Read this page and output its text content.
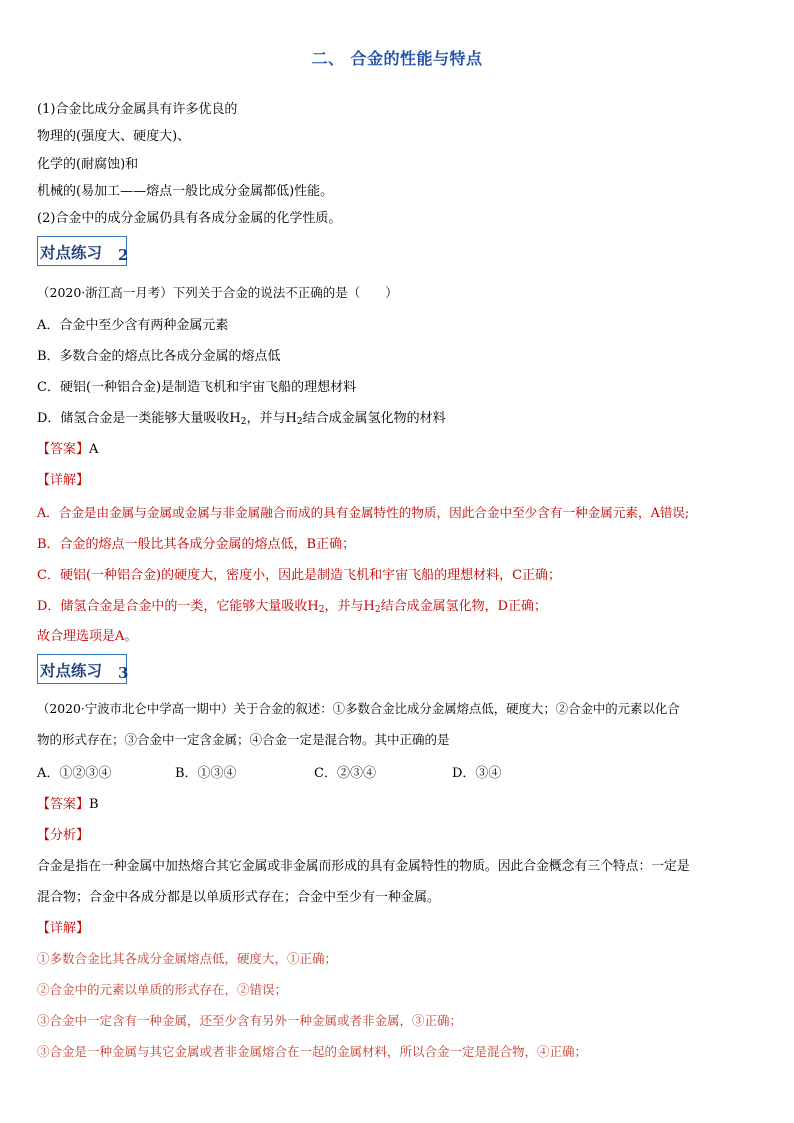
二、 合金的性能与特点
(1)合金比成分金属具有许多优良的
物理的(强度大、硬度大)、
化学的(耐腐蚀)和
机械的(易加工——熔点一般比成分金属都低)性能。
(2)合金中的成分金属仍具有各成分金属的化学性质。
对点练习 2
（2020·浙江高一月考）下列关于合金的说法不正确的是（　　）
A．合金中至少含有两种金属元素
B．多数合金的熔点比各成分金属的熔点低
C．硬铝(一种铝合金)是制造飞机和宇宙飞船的理想材料
D．储氢合金是一类能够大量吸收$H_2$，并与$H_2$结合成金属氢化物的材料
【答案】A
【详解】
A．合金是由金属与金属或金属与非金属融合而成的具有金属特性的物质，因此合金中至少含有一种金属元素，A错误;
B．合金的熔点一般比其各成分金属的熔点低，B正确；
C．硬铝(一种铝合金)的硬度大，密度小，因此是制造飞机和宇宙飞船的理想材料，C正确；
D．储氢合金是合金中的一类，它能够大量吸收$H_2$，并与$H_2$结合成金属氢化物，D正确；
故合理选项是A。
对点练习 3
（2020·宁波市北仑中学高一期中）关于合金的叙述：①多数合金比成分金属熔点低，硬度大；②合金中的元素以化合
物的形式存在；③合金中一定含金属；④合金一定是混合物。其中正确的是
A．①②③④	B．①③④	C．②③④	D．③④
【答案】B
【分析】
合金是指在一种金属中加热熔合其它金属或非金属而形成的具有金属特性的物质。因此合金概念有三个特点：一定是
混合物；合金中各成分都是以单质形式存在；合金中至少有一种金属。
【详解】
①多数合金比其各成分金属熔点低，硬度大，①正确；
②合金中的元素以单质的形式存在，②错误；
③合金中一定含有一种金属，还至少含有另外一种金属或者非金属，③正确；
③合金是一种金属与其它金属或者非金属熔合在一起的金属材料，所以合金一定是混合物，④正确；
